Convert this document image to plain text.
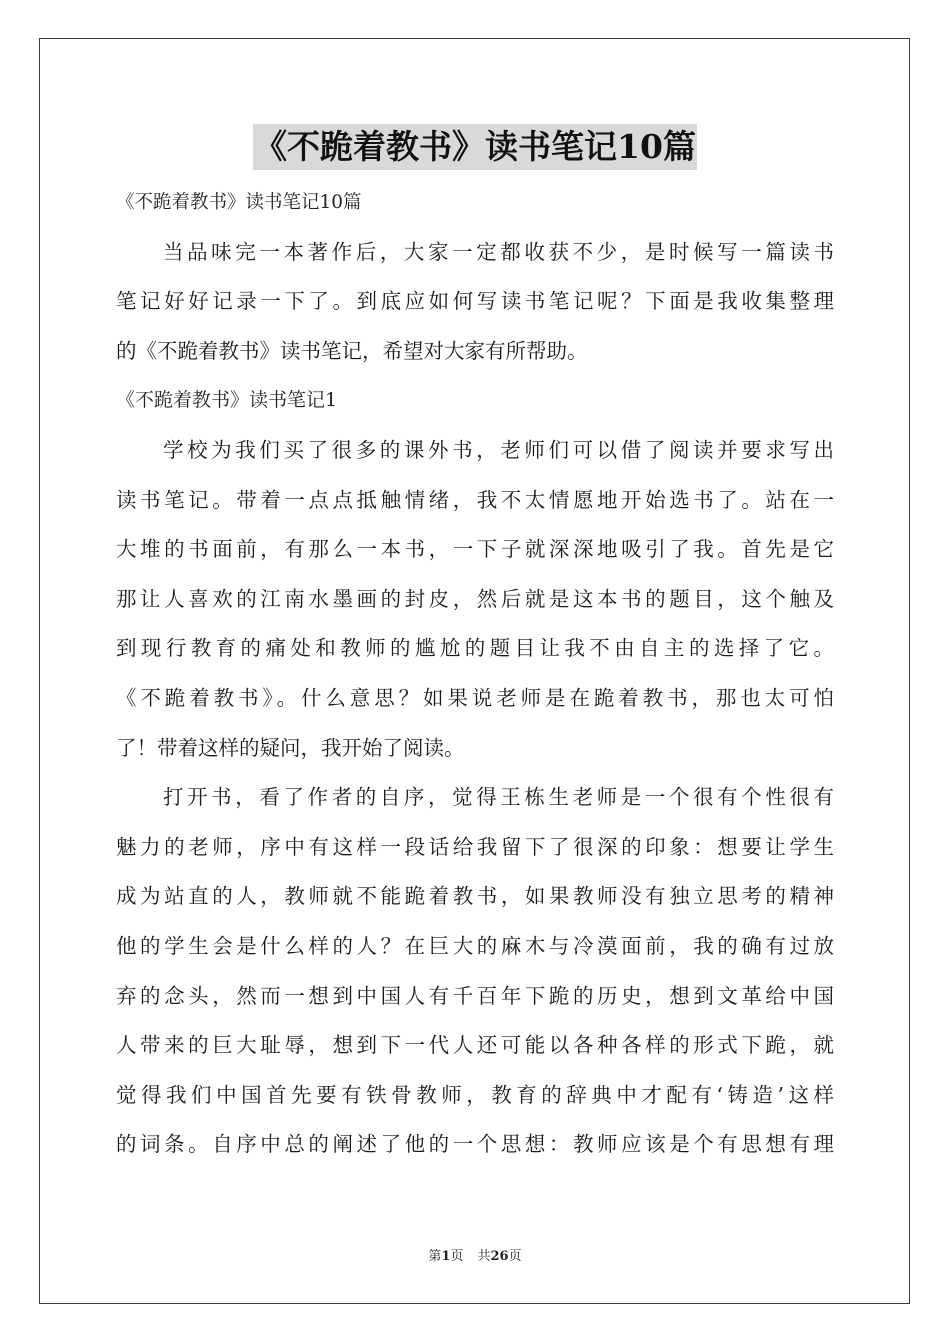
《不跪着教书》读书笔记10篇
《不跪着教书》读书笔记10篇
当品味完一本著作后，大家一定都收获不少，是时候写一篇读书
笔记好好记录一下了。到底应如何写读书笔记呢？下面是我收集整理
的《不跪着教书》读书笔记，希望对大家有所帮助。
《不跪着教书》读书笔记1
学校为我们买了很多的课外书，老师们可以借了阅读并要求写出
读书笔记。带着一点点抵触情绪，我不太情愿地开始选书了。站在一
大堆的书面前，有那么一本书，一下子就深深地吸引了我。首先是它
那让人喜欢的江南水墨画的封皮，然后就是这本书的题目，这个触及
到现行教育的痛处和教师的尴尬的题目让我不由自主的选择了它。
《不跪着教书》。什么意思？如果说老师是在跪着教书，那也太可怕
了！带着这样的疑问，我开始了阅读。
打开书，看了作者的自序，觉得王栋生老师是一个很有个性很有
魅力的老师，序中有这样一段话给我留下了很深的印象：想要让学生
成为站直的人，教师就不能跪着教书，如果教师没有独立思考的精神
他的学生会是什么样的人？在巨大的麻木与冷漠面前，我的确有过放
弃的念头，然而一想到中国人有千百年下跪的历史，想到文革给中国
人带来的巨大耻辱，想到下一代人还可能以各种各样的形式下跪，就
觉得我们中国首先要有铁骨教师，教育的辞典中才配有‘铸造’这样
的词条。自序中总的阐述了他的一个思想：教师应该是个有思想有理
第1页 共26页
